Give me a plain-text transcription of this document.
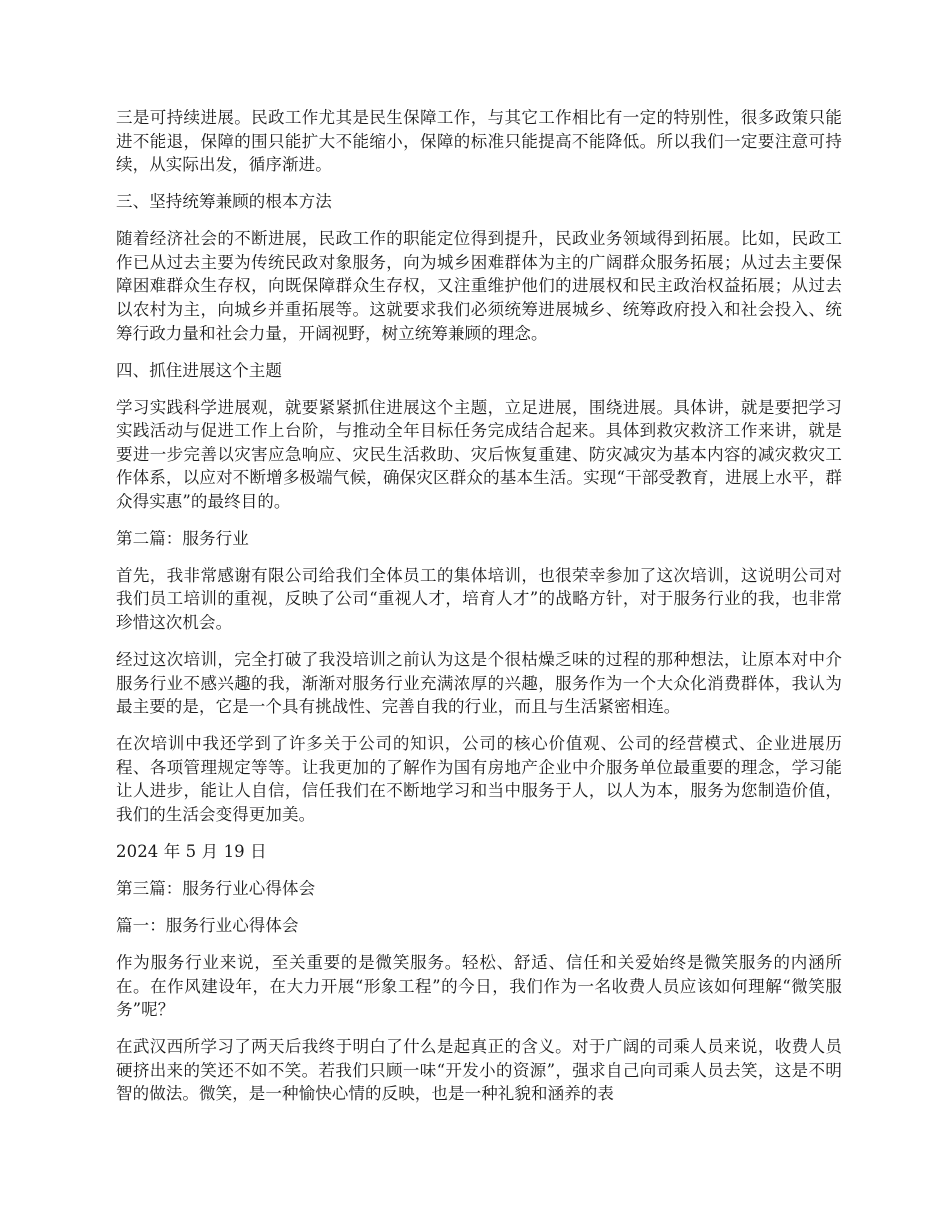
三是可持续进展。民政工作尤其是民生保障工作，与其它工作相比有一定的特别性，很多政策只能进不能退，保障的围只能扩大不能缩小，保障的标准只能提高不能降低。所以我们一定要注意可持续，从实际出发，循序渐进。

三、坚持统筹兼顾的根本方法

随着经济社会的不断进展，民政工作的职能定位得到提升，民政业务领域得到拓展。比如，民政工作已从过去主要为传统民政对象服务，向为城乡困难群体为主的广阔群众服务拓展；从过去主要保障困难群众生存权，向既保障群众生存权，又注重维护他们的进展权和民主政治权益拓展；从过去以农村为主，向城乡并重拓展等。这就要求我们必须统筹进展城乡、统筹政府投入和社会投入、统筹行政力量和社会力量，开阔视野，树立统筹兼顾的理念。

四、抓住进展这个主题

学习实践科学进展观，就要紧紧抓住进展这个主题，立足进展，围绕进展。具体讲，就是要把学习实践活动与促进工作上台阶，与推动全年目标任务完成结合起来。具体到救灾救济工作来讲，就是要进一步完善以灾害应急响应、灾民生活救助、灾后恢复重建、防灾减灾为基本内容的减灾救灾工作体系，以应对不断增多极端气候，确保灾区群众的基本生活。实现“干部受教育，进展上水平，群众得实惠”的最终目的。

第二篇：服务行业

首先，我非常感谢有限公司给我们全体员工的集体培训，也很荣幸参加了这次培训，这说明公司对我们员工培训的重视，反映了公司“重视人才，培育人才”的战略方针，对于服务行业的我，也非常珍惜这次机会。

经过这次培训，完全打破了我没培训之前认为这是个很枯燥乏味的过程的那种想法，让原本对中介服务行业不感兴趣的我，渐渐对服务行业充满浓厚的兴趣，服务作为一个大众化消费群体，我认为最主要的是，它是一个具有挑战性、完善自我的行业，而且与生活紧密相连。

在次培训中我还学到了许多关于公司的知识，公司的核心价值观、公司的经营模式、企业进展历程、各项管理规定等等。让我更加的了解作为国有房地产企业中介服务单位最重要的理念，学习能让人进步，能让人自信，信任我们在不断地学习和当中服务于人，以人为本，服务为您制造价值，我们的生活会变得更加美。

2024 年 5 月 19 日

第三篇：服务行业心得体会

篇一：服务行业心得体会

作为服务行业来说，至关重要的是微笑服务。轻松、舒适、信任和关爱始终是微笑服务的内涵所在。在作风建设年，在大力开展“形象工程”的今日，我们作为一名收费人员应该如何理解“微笑服务”呢？

在武汉西所学习了两天后我终于明白了什么是起真正的含义。对于广阔的司乘人员来说，收费人员硬挤出来的笑还不如不笑。若我们只顾一味“开发小的资源”，强求自己向司乘人员去笑，这是不明智的做法。微笑，是一种愉快心情的反映，也是一种礼貌和涵养的表
